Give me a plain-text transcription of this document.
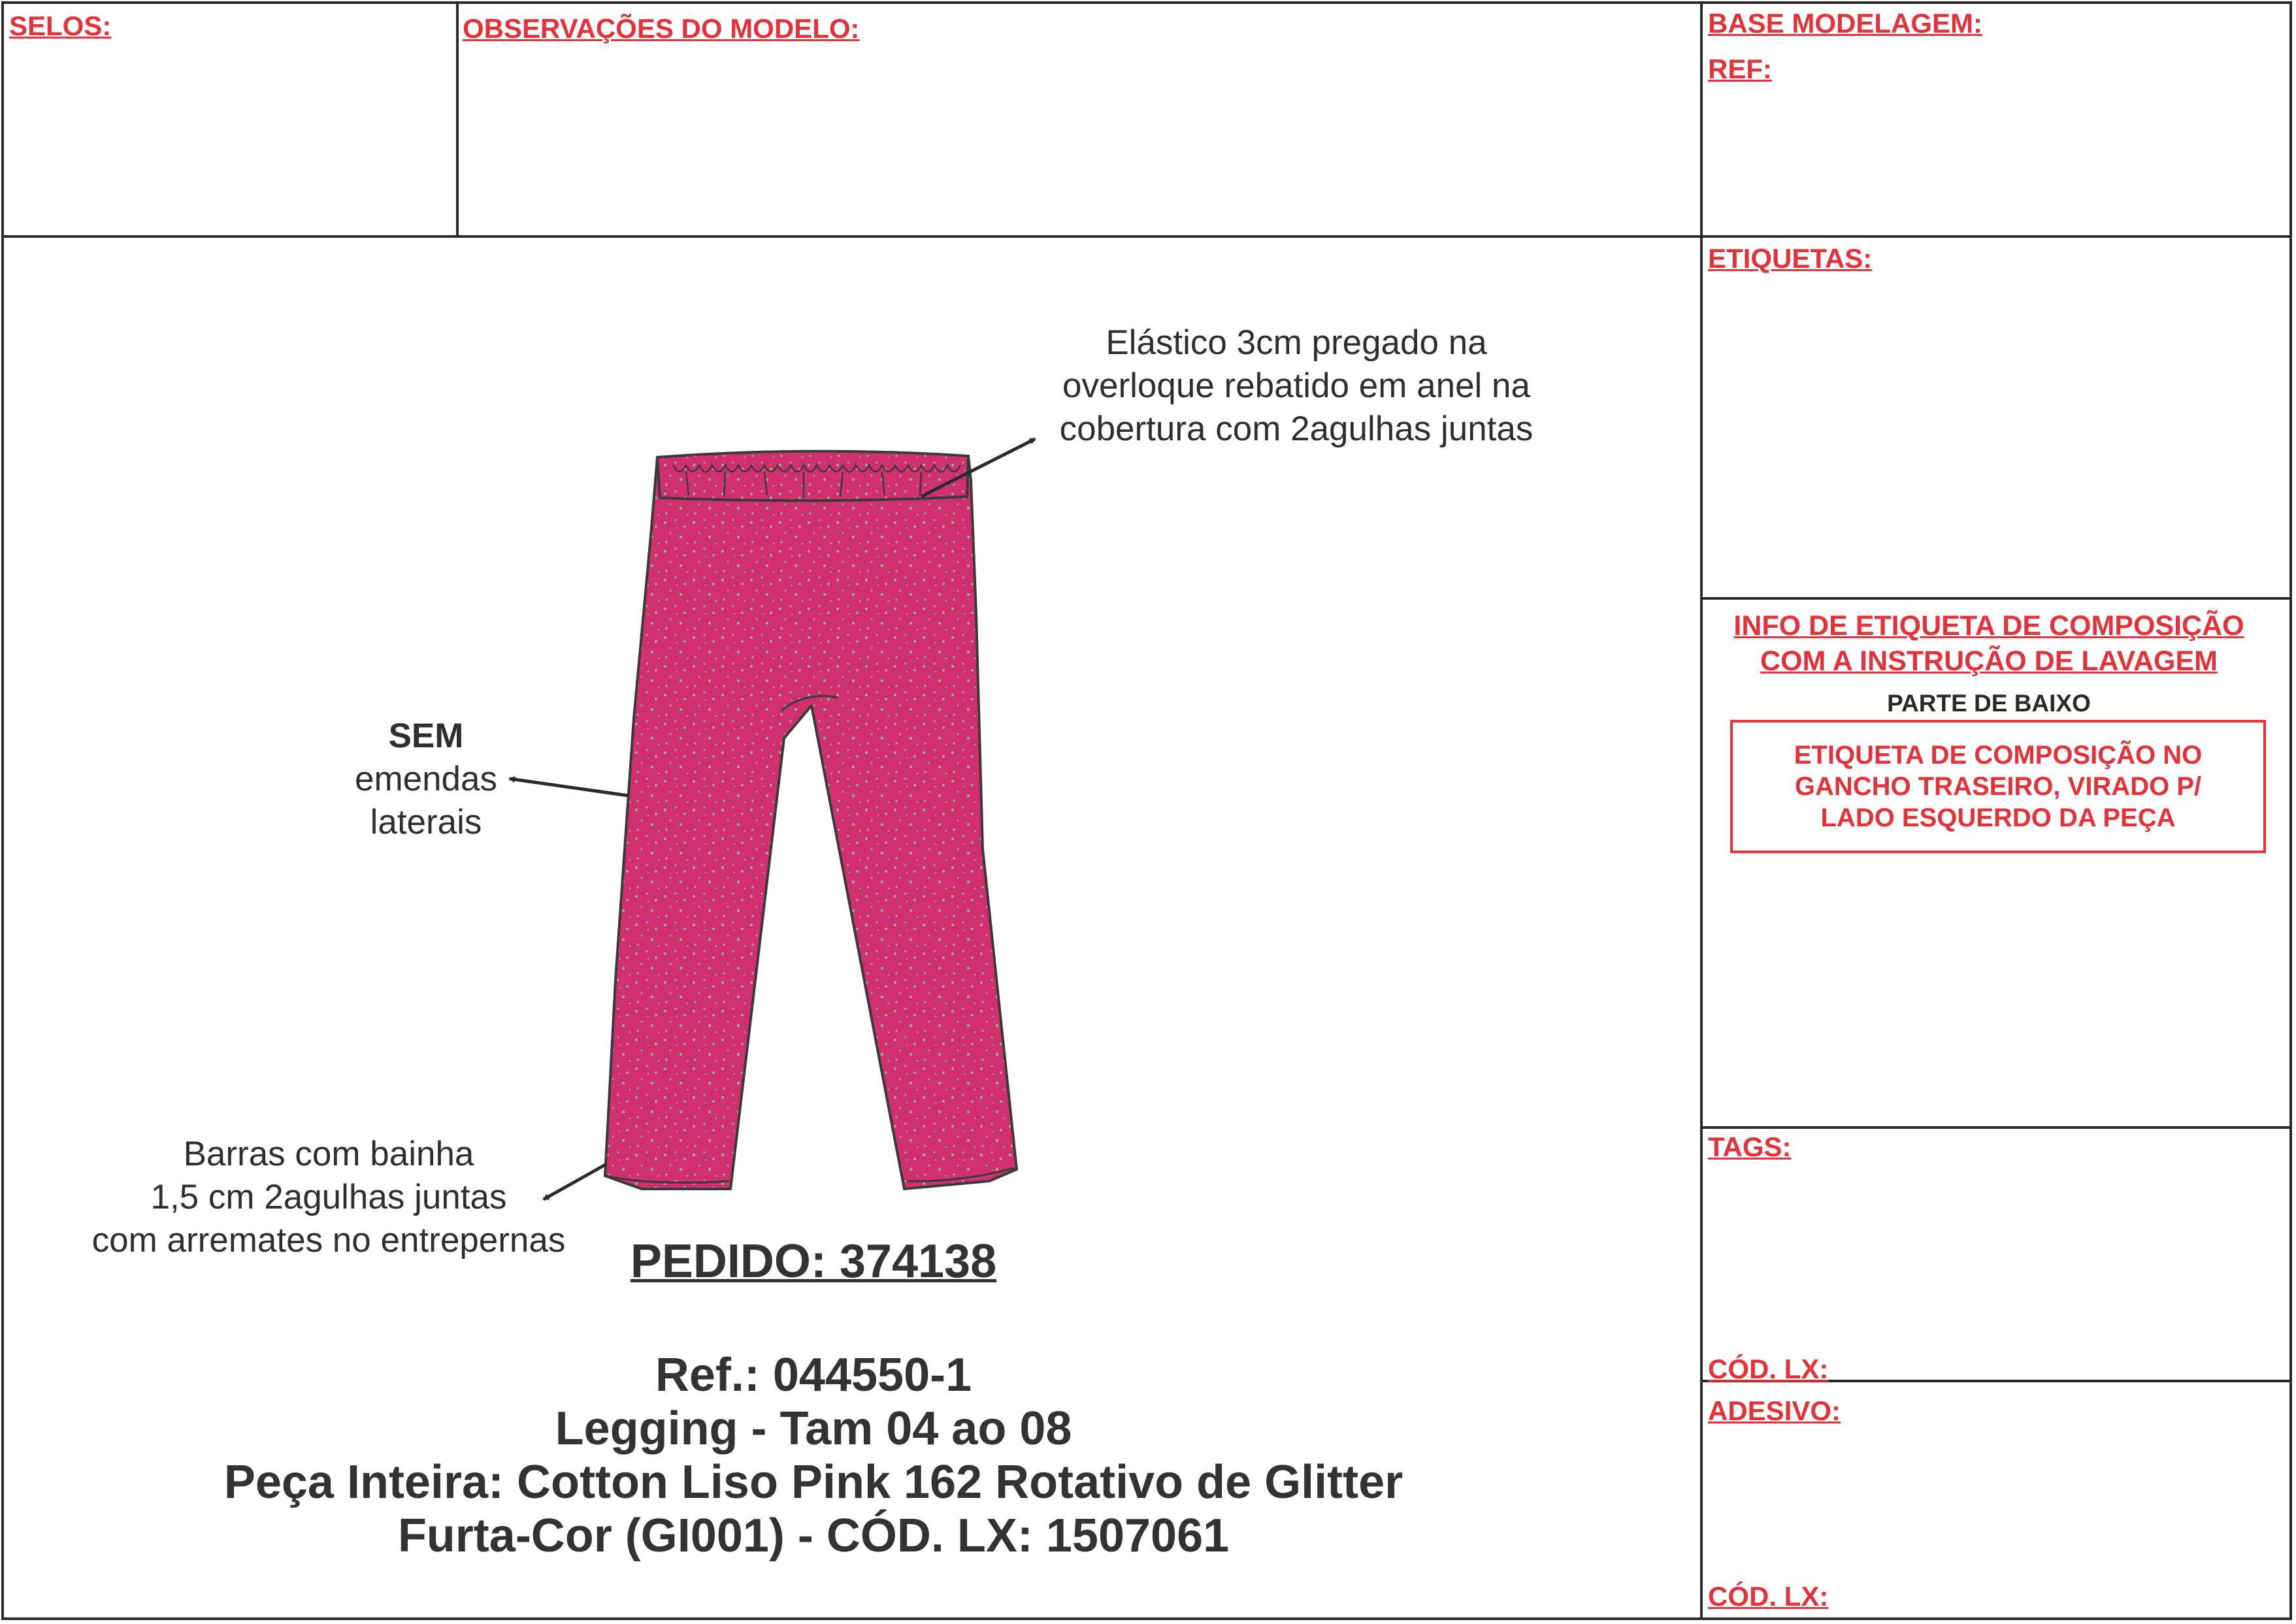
SELOS:	OBSERVAÇÕES DO MODELO:	BASE MODELAGEM:
REF:
ETIQUETAS:
INFO DE ETIQUETA DE COMPOSIÇÃO
COM A INSTRUÇÃO DE LAVAGEM
PARTE DE BAIXO
ETIQUETA DE COMPOSIÇÃO NO
GANCHO TRASEIRO, VIRADO P/
LADO ESQUERDO DA PEÇA
TAGS:
CÓD. LX:
ADESIVO:
CÓD. LX:
Elástico 3cm pregado na
overloque rebatido em anel na
cobertura com 2agulhas juntas
SEM
emendas
laterais
Barras com bainha
1,5 cm 2agulhas juntas
com arremates no entrepernas	PEDIDO: 374138
Ref.: 044550-1
Legging - Tam 04 ao 08
Peça Inteira: Cotton Liso Pink 162 Rotativo de Glitter
Furta-Cor (GI001) - CÓD. LX: 1507061
